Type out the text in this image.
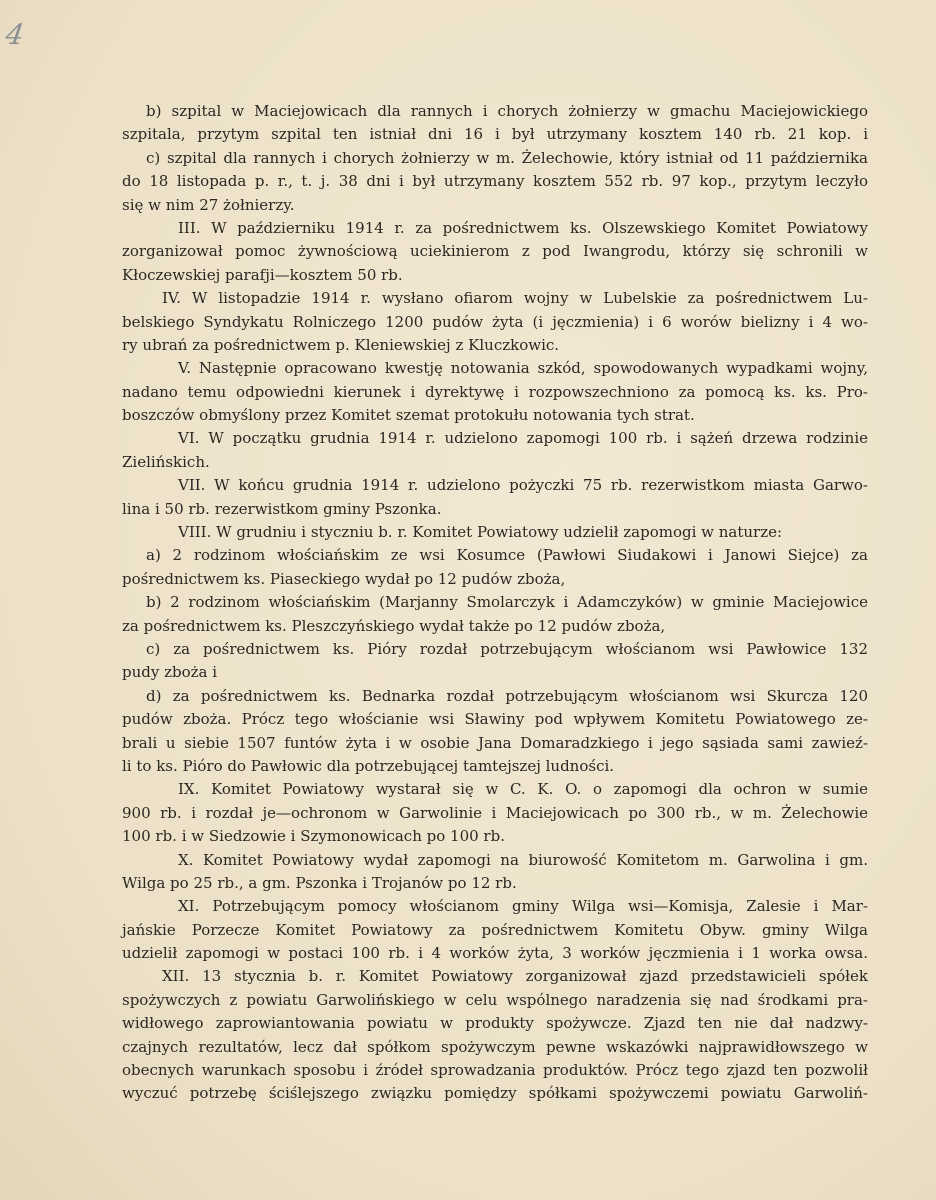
4
b) szpital w Maciejowicach dla rannych i chorych żołnierzy w gmachu Maciejowickiego
szpitala, przytym szpital ten istniał dni 16 i był utrzymany kosztem 140 rb. 21 kop. i
c) szpital dla rannych i chorych żołnierzy w m. Żelechowie, który istniał od 11 października
do 18 listopada p. r., t. j. 38 dni i był utrzymany kosztem 552 rb. 97 kop., przytym leczyło
się w nim 27 żołnierzy.
III. W październiku 1914 r. za pośrednictwem ks. Olszewskiego Komitet Powiatowy
zorganizował pomoc żywnościową uciekinierom z pod Iwangrodu, którzy się schronili w
Kłoczewskiej parafji—kosztem 50 rb.
IV. W listopadzie 1914 r. wysłano ofiarom wojny w Lubelskie za pośrednictwem Lu-
belskiego Syndykatu Rolniczego 1200 pudów żyta (i jęczmienia) i 6 worów bielizny i 4 wo-
ry ubrań za pośrednictwem p. Kleniewskiej z Kluczkowic.
V. Następnie opracowano kwestję notowania szkód, spowodowanych wypadkami wojny,
nadano temu odpowiedni kierunek i dyrektywę i rozpowszechniono za pomocą ks. ks. Pro-
boszczów obmyślony przez Komitet szemat protokułu notowania tych strat.
VI. W początku grudnia 1914 r. udzielono zapomogi 100 rb. i sążeń drzewa rodzinie
Zielińskich.
VII. W końcu grudnia 1914 r. udzielono pożyczki 75 rb. rezerwistkom miasta Garwo-
lina i 50 rb. rezerwistkom gminy Pszonka.
VIII. W grudniu i styczniu b. r. Komitet Powiatowy udzielił zapomogi w naturze:
a) 2 rodzinom włościańskim ze wsi Kosumce (Pawłowi Siudakowi i Janowi Siejce) za
pośrednictwem ks. Piaseckiego wydał po 12 pudów zboża,
b) 2 rodzinom włościańskim (Marjanny Smolarczyk i Adamczyków) w gminie Maciejowice
za pośrednictwem ks. Pleszczyńskiego wydał także po 12 pudów zboża,
c) za pośrednictwem ks. Pióry rozdał potrzebującym włościanom wsi Pawłowice 132
pudy zboża i
d) za pośrednictwem ks. Bednarka rozdał potrzebującym włościanom wsi Skurcza 120
pudów zboża. Prócz tego włościanie wsi Sławiny pod wpływem Komitetu Powiatowego ze-
brali u siebie 1507 funtów żyta i w osobie Jana Domaradzkiego i jego sąsiada sami zawieź-
li to ks. Pióro do Pawłowic dla potrzebującej tamtejszej ludności.
IX. Komitet Powiatowy wystarał się w C. K. O. o zapomogi dla ochron w sumie
900 rb. i rozdał je—ochronom w Garwolinie i Maciejowicach po 300 rb., w m. Żelechowie
100 rb. i w Siedzowie i Szymonowicach po 100 rb.
X. Komitet Powiatowy wydał zapomogi na biurowość Komitetom m. Garwolina i gm.
Wilga po 25 rb., a gm. Pszonka i Trojanów po 12 rb.
XI. Potrzebującym pomocy włościanom gminy Wilga wsi—Komisja, Zalesie i Mar-
jańskie Porzecze Komitet Powiatowy za pośrednictwem Komitetu Obyw. gminy Wilga
udzielił zapomogi w postaci 100 rb. i 4 worków żyta, 3 worków jęczmienia i 1 worka owsa.
XII. 13 stycznia b. r. Komitet Powiatowy zorganizował zjazd przedstawicieli spółek
spożywczych z powiatu Garwolińskiego w celu wspólnego naradzenia się nad środkami pra-
widłowego zaprowiantowania powiatu w produkty spożywcze. Zjazd ten nie dał nadzwy-
czajnych rezultatów, lecz dał spółkom spożywczym pewne wskazówki najprawidłowszego w
obecnych warunkach sposobu i źródeł sprowadzania produktów. Prócz tego zjazd ten pozwolił
wyczuć potrzebę ściślejszego związku pomiędzy spółkami spożywczemi powiatu Garwoliń-
